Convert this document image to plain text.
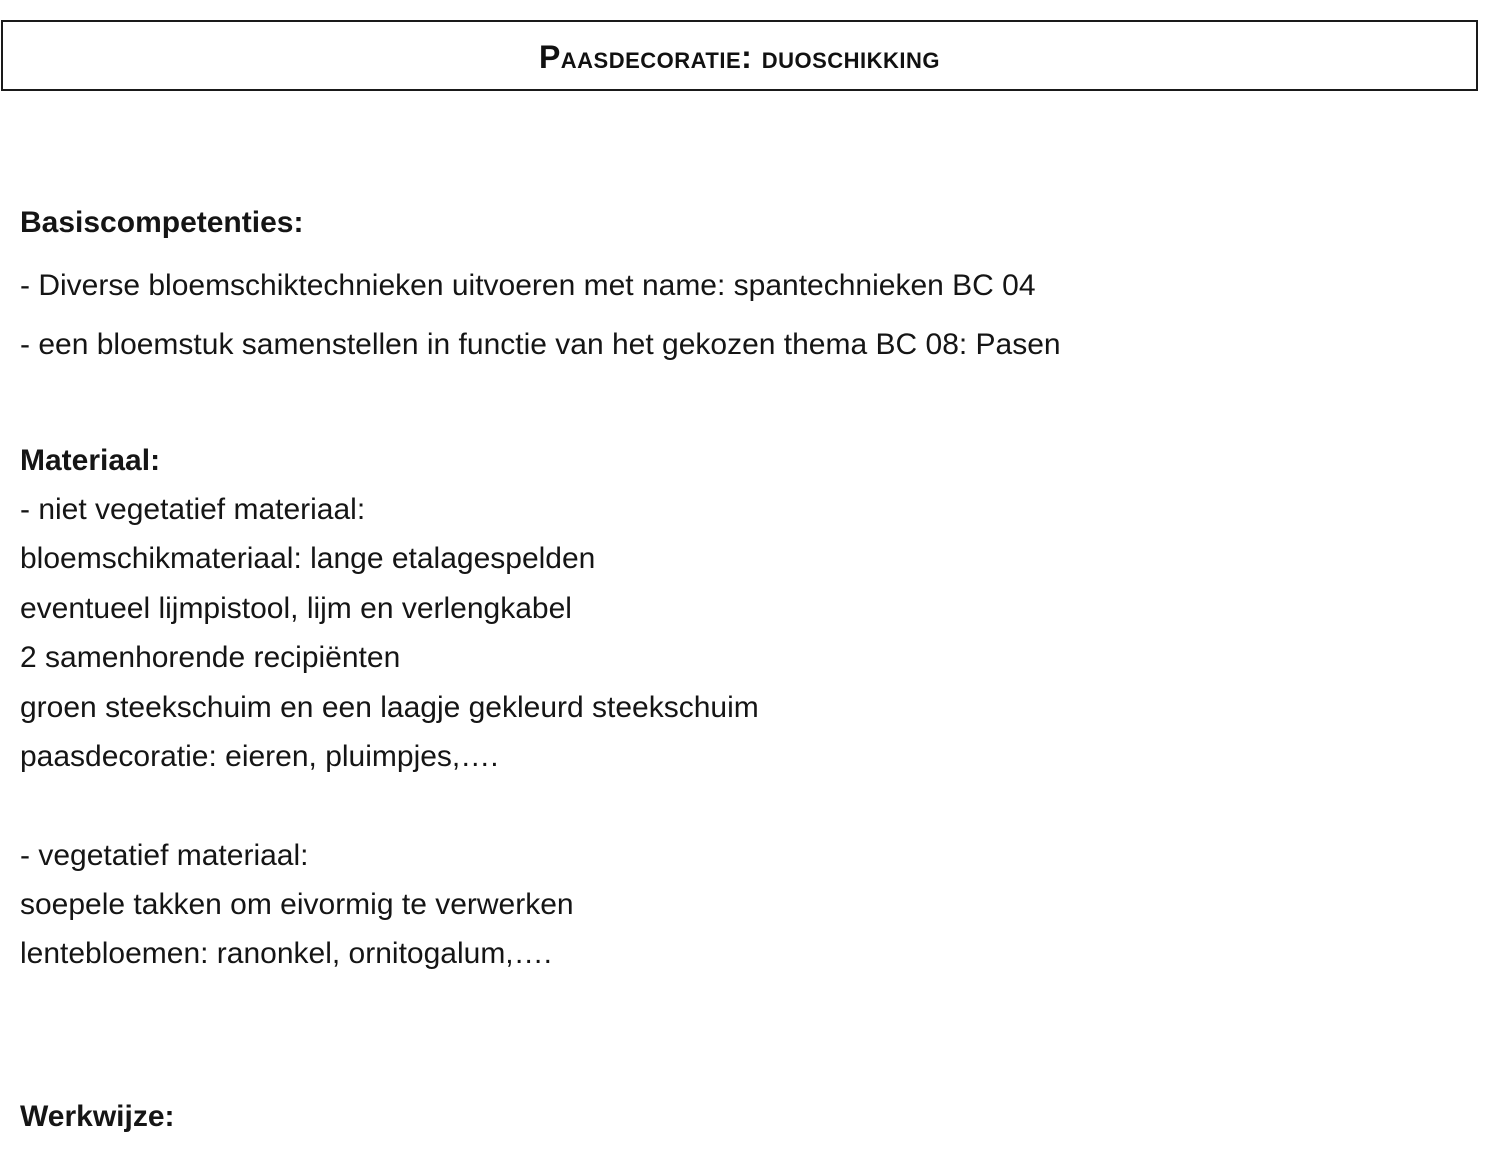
Paasdecoratie: duoschikking
Basiscompetenties:
- Diverse bloemschiktechnieken uitvoeren met name: spantechnieken BC 04
- een bloemstuk samenstellen in functie van het gekozen thema BC 08: Pasen
Materiaal:
- niet vegetatief materiaal:
bloemschikmateriaal: lange etalagespelden
eventueel lijmpistool, lijm en verlengkabel
2 samenhorende recipiënten
groen steekschuim en een laagje gekleurd steekschuim
paasdecoratie: eieren, pluimpjes,….
- vegetatief materiaal:
soepele takken om eivormig te verwerken
lentebloemen: ranonkel, ornitogalum,….
Werkwijze:
